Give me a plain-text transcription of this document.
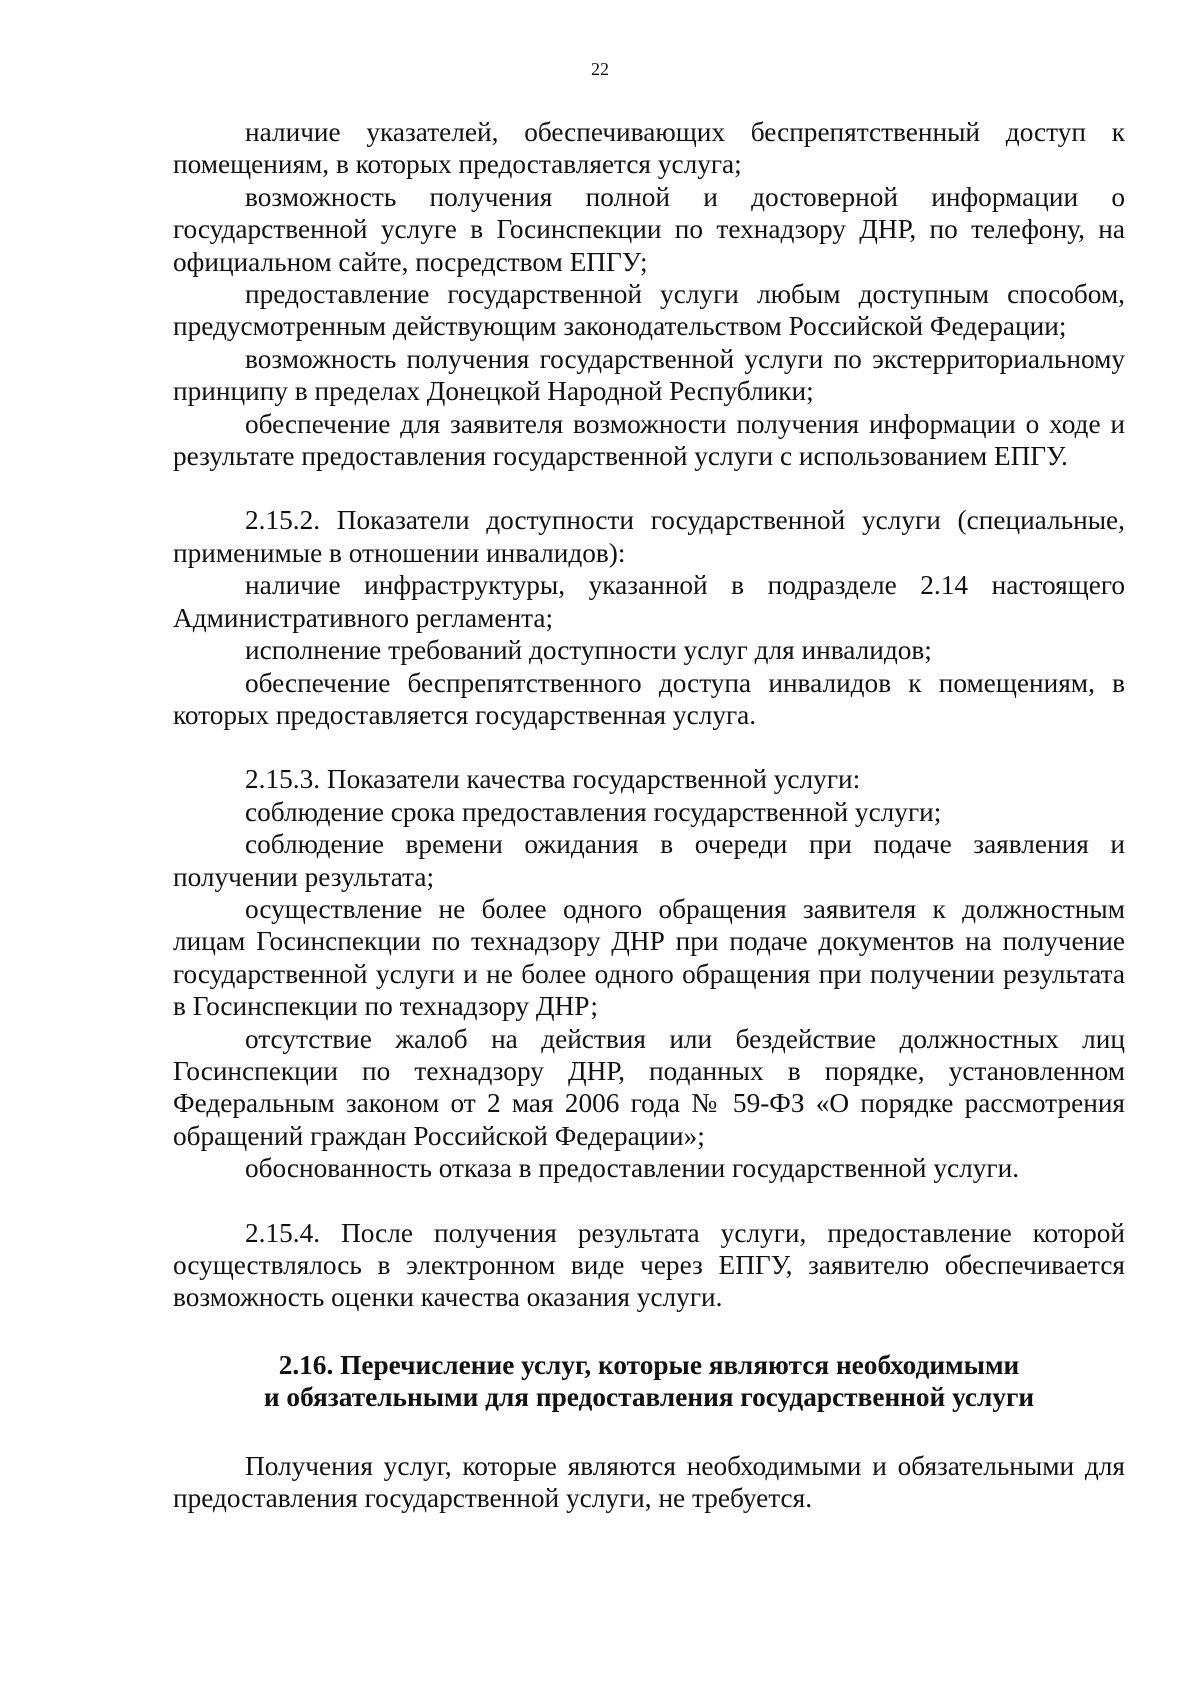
22

наличие указателей, обеспечивающих беспрепятственный доступ к помещениям, в которых предоставляется услуга;

возможность получения полной и достоверной информации о государственной услуге в Госинспекции по технадзору ДНР, по телефону, на официальном сайте, посредством ЕПГУ;

предоставление государственной услуги любым доступным способом, предусмотренным действующим законодательством Российской Федерации;

возможность получения государственной услуги по экстерриториальному принципу в пределах Донецкой Народной Республики;

обеспечение для заявителя возможности получения информации о ходе и результате предоставления государственной услуги с использованием ЕПГУ.

2.15.2. Показатели доступности государственной услуги (специальные, применимые в отношении инвалидов):

наличие инфраструктуры, указанной в подразделе 2.14 настоящего Административного регламента;

исполнение требований доступности услуг для инвалидов;

обеспечение беспрепятственного доступа инвалидов к помещениям, в которых предоставляется государственная услуга.

2.15.3. Показатели качества государственной услуги:

соблюдение срока предоставления государственной услуги;

соблюдение времени ожидания в очереди при подаче заявления и получении результата;

осуществление не более одного обращения заявителя к должностным лицам Госинспекции по технадзору ДНР при подаче документов на получение государственной услуги и не более одного обращения при получении результата в Госинспекции по технадзору ДНР;

отсутствие жалоб на действия или бездействие должностных лиц Госинспекции по технадзору ДНР, поданных в порядке, установленном Федеральным законом от 2 мая 2006 года № 59-ФЗ «О порядке рассмотрения обращений граждан Российской Федерации»;

обоснованность отказа в предоставлении государственной услуги.

2.15.4. После получения результата услуги, предоставление которой осуществлялось в электронном виде через ЕПГУ, заявителю обеспечивается возможность оценки качества оказания услуги.

2.16. Перечисление услуг, которые являются необходимыми
и обязательными для предоставления государственной услуги

Получения услуг, которые являются необходимыми и обязательными для предоставления государственной услуги, не требуется.
